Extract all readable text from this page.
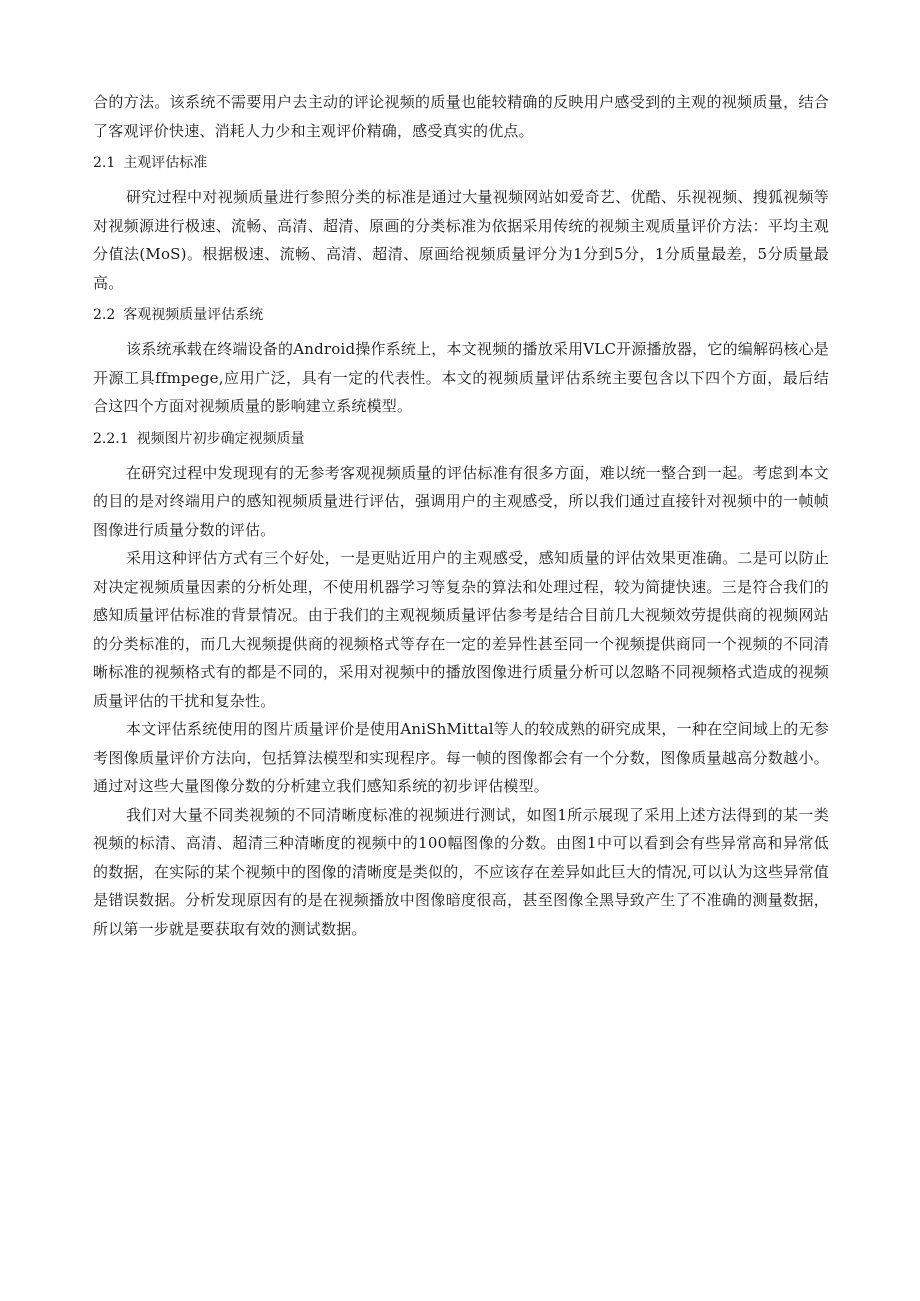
合的方法。该系统不需要用户去主动的评论视频的质量也能较精确的反映用户感受到的主观的视频质量，结合了客观评价快速、消耗人力少和主观评价精确，感受真实的优点。

2.1 主观评估标准

研究过程中对视频质量进行参照分类的标准是通过大量视频网站如爱奇艺、优酷、乐视视频、搜狐视频等对视频源进行极速、流畅、高清、超清、原画的分类标准为依据采用传统的视频主观质量评价方法：平均主观分值法(MoS)。根据极速、流畅、高清、超清、原画给视频质量评分为1分到5分，1分质量最差，5分质量最高。

2.2 客观视频质量评估系统

该系统承载在终端设备的Android操作系统上，本文视频的播放采用VLC开源播放器，它的编解码核心是开源工具ffmpege,应用广泛，具有一定的代表性。本文的视频质量评估系统主要包含以下四个方面，最后结合这四个方面对视频质量的影响建立系统模型。

2.2.1 视频图片初步确定视频质量

在研究过程中发现现有的无参考客观视频质量的评估标准有很多方面，难以统一整合到一起。考虑到本文的目的是对终端用户的感知视频质量进行评估，强调用户的主观感受，所以我们通过直接针对视频中的一帧帧图像进行质量分数的评估。

采用这种评估方式有三个好处，一是更贴近用户的主观感受，感知质量的评估效果更准确。二是可以防止对决定视频质量因素的分析处理，不使用机器学习等复杂的算法和处理过程，较为简捷快速。三是符合我们的感知质量评估标准的背景情况。由于我们的主观视频质量评估参考是结合目前几大视频效劳提供商的视频网站的分类标准的，而几大视频提供商的视频格式等存在一定的差异性甚至同一个视频提供商同一个视频的不同清晰标准的视频格式有的都是不同的，采用对视频中的播放图像进行质量分析可以忽略不同视频格式造成的视频质量评估的干扰和复杂性。

本文评估系统使用的图片质量评价是使用AniShMittal等人的较成熟的研究成果，一种在空间域上的无参考图像质量评价方法向，包括算法模型和实现程序。每一帧的图像都会有一个分数，图像质量越高分数越小。通过对这些大量图像分数的分析建立我们感知系统的初步评估模型。

我们对大量不同类视频的不同清晰度标准的视频进行测试，如图1所示展现了采用上述方法得到的某一类视频的标清、高清、超清三种清晰度的视频中的100幅图像的分数。由图1中可以看到会有些异常高和异常低的数据，在实际的某个视频中的图像的清晰度是类似的，不应该存在差异如此巨大的情况,可以认为这些异常值是错误数据。分析发现原因有的是在视频播放中图像暗度很高，甚至图像全黑导致产生了不准确的测量数据，所以第一步就是要获取有效的测试数据。
